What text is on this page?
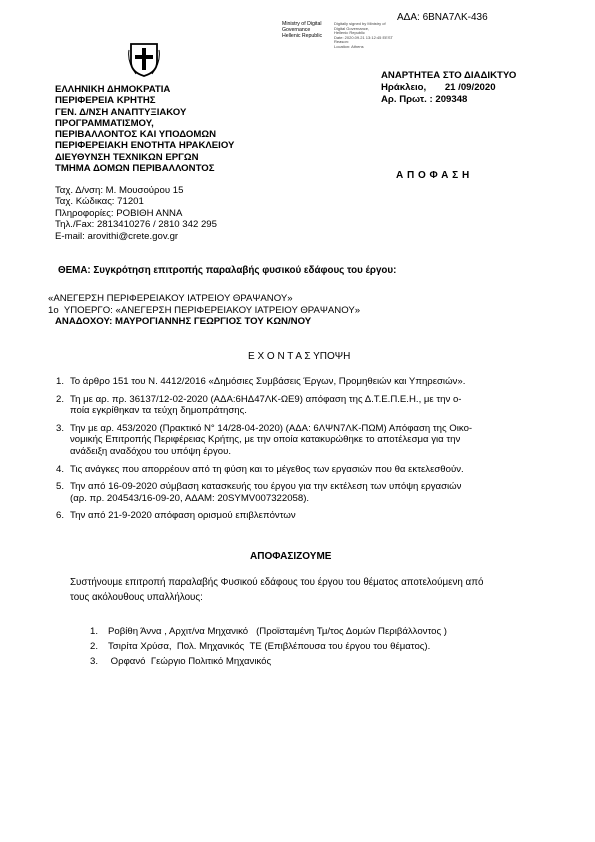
ΑΔΑ: 6ΒΝΑ7ΛΚ-436
Ministry of Digital
Governance
Hellenic Republic
Digitally signed by Ministry of
Digital Governance,
Hellenic Republic
Date: 2020.09.21 13:12:45 EEST
Reason:
Location: Athens
ΑΝΑΡΤΗΤΕΑ ΣΤΟ ΔΙΑΔΙΚΤΥΟ
Ηράκλειο,       21 /09/2020
Αρ. Πρωτ. : 209348
ΕΛΛΗΝΙΚΗ ΔΗΜΟΚΡΑΤΙΑ
ΠΕΡΙΦΕΡΕΙΑ ΚΡΗΤΗΣ
ΓΕΝ. Δ/ΝΣΗ ΑΝΑΠΤΥΞΙΑΚΟΥ
ΠΡΟΓΡΑΜΜΑΤΙΣΜΟΥ,
ΠΕΡΙΒΑΛΛΟΝΤΟΣ ΚΑΙ ΥΠΟΔΟΜΩΝ
ΠΕΡΙΦΕΡΕΙΑΚΗ ΕΝΟΤΗΤΑ ΗΡΑΚΛΕΙΟΥ
ΔΙΕΥΘΥΝΣΗ ΤΕΧΝΙΚΩΝ ΕΡΓΩΝ
ΤΜΗΜΑ ΔΟΜΩΝ ΠΕΡΙΒΑΛΛΟΝΤΟΣ
Α Π Ο Φ Α Σ Η
Ταχ. Δ/νση: Μ. Μουσούρου 15
Ταχ. Κώδικας: 71201
Πληροφορίες: ΡΟΒΙΘΗ ΑΝΝΑ
Τηλ./Fax: 2813410276 / 2810 342 295
E-mail: arovithi@crete.gov.gr
ΘΕΜΑ: Συγκρότηση επιτροπής παραλαβής φυσικού εδάφους του έργου:
«ΑΝΕΓΕΡΣΗ ΠΕΡΙΦΕΡΕΙΑΚΟΥ ΙΑΤΡΕΙΟΥ ΘΡΑΨΑΝΟΥ»
1ο  ΥΠΟΕΡΓΟ: «ΑΝΕΓΕΡΣΗ ΠΕΡΙΦΕΡΕΙΑΚΟΥ ΙΑΤΡΕΙΟΥ ΘΡΑΨΑΝΟΥ»
ΑΝΑΔΟΧΟΥ: ΜΑΥΡΟΓΙΑΝΝΗΣ ΓΕΩΡΓΙΟΣ ΤΟΥ ΚΩΝ/ΝΟΥ
Ε Χ Ο Ν Τ Α Σ ΥΠΟΨΗ
1. Το άρθρο 151 του Ν. 4412/2016 «Δημόσιες Συμβάσεις Έργων, Προμηθειών και Υπηρεσιών».
2. Τη με αρ. πρ. 36137/12-02-2020 (ΑΔΑ:6ΗΔ47ΛΚ-ΩΕ9) απόφαση της Δ.Τ.Ε.Π.Ε.Η., με την ο-
ποία εγκρίθηκαν τα τεύχη δημοπράτησης.
3. Την με αρ. 453/2020 (Πρακτικό Ν° 14/28-04-2020) (ΑΔΑ: 6ΛΨΝ7ΛΚ-ΠΩΜ) Απόφαση της Οικο-
νομικής Επιτροπής Περιφέρειας Κρήτης, με την οποία κατακυρώθηκε το αποτέλεσμα για την
ανάδειξη αναδόχου του υπόψη έργου.
4. Τις ανάγκες που απορρέουν από τη φύση και το μέγεθος των εργασιών που θα εκτελεσθούν.
5. Την από 16-09-2020 σύμβαση κατασκευής του έργου για την εκτέλεση των υπόψη εργασιών
(αρ. πρ. 204543/16-09-20, ΑΔΑΜ: 20SYMV007322058).
6. Την από 21-9-2020 απόφαση ορισμού επιβλεπόντων
ΑΠΟΦΑΣΙΖΟΥΜΕ
Συστήνουμε επιτροπή παραλαβής Φυσικού εδάφους του έργου του θέματος αποτελούμενη από
τους ακόλουθους υπαλλήλους:
1. Ροβίθη Άννα , Αρχιτ/να Μηχανικό   (Προϊσταμένη Τμ/τος Δομών Περιβάλλοντος )
2. Τσιρίτα Χρύσα,  Πολ. Μηχανικός  ΤΕ (Επιβλέπουσα του έργου του θέματος).
3. Ορφανό  Γεώργιο Πολιτικό Μηχανικός
